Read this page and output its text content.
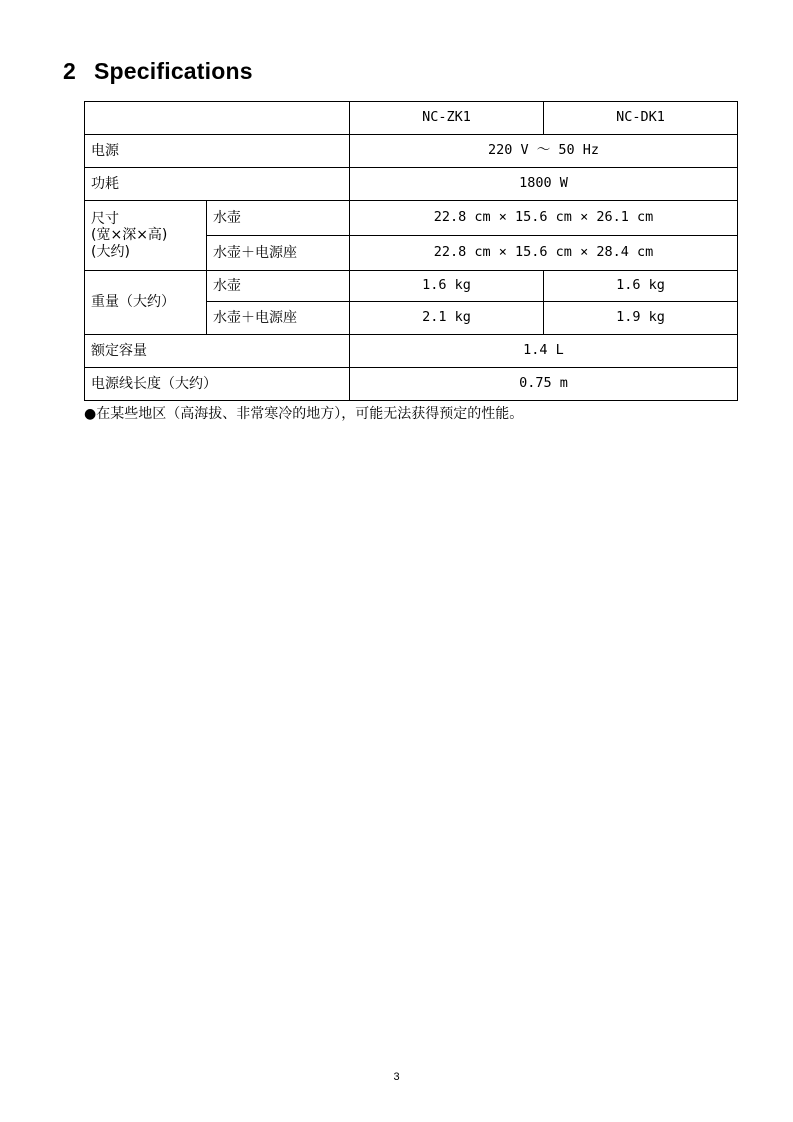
2 Specifications
		NC-ZK1	NC-DK1
电源		220 V ～ 50 Hz	
功耗		1800 W	

尺寸
(宽×深×高)
(大约)	水壶	22.8 cm × 15.6 cm × 26.1 cm	
	水壶＋电源座	22.8 cm × 15.6 cm × 28.4 cm	
重量（大约）	水壶	1.6 kg	1.6 kg
	水壶＋电源座	2.1 kg	1.9 kg
额定容量		1.4 L	
电源线长度（大约）		0.75 m	
●在某些地区（高海拔、非常寒冷的地方），可能无法获得预定的性能。
3
